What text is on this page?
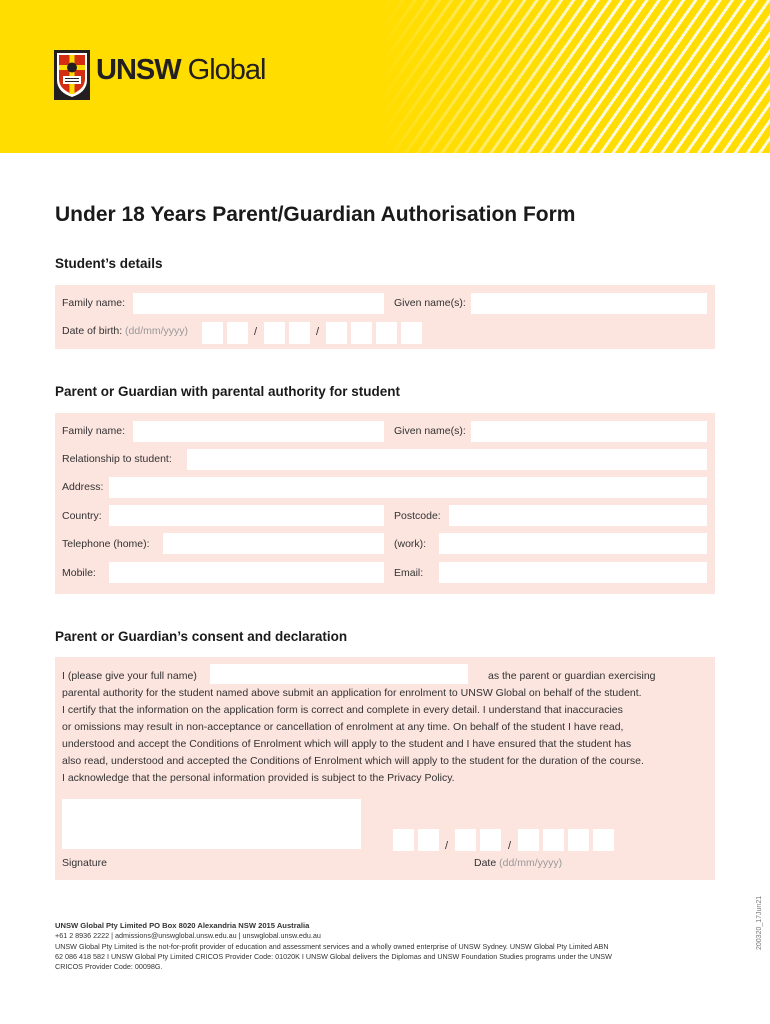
UNSW Global
Under 18 Years Parent/Guardian Authorisation Form
Student’s details
Family name:	Given name(s):
Date of birth: (dd/mm/yyyy)	/	/
Parent or Guardian with parental authority for student
Family name:	Given name(s):
Relationship to student:
Address:
Country:	Postcode:
Telephone (home):	(work):
Mobile:	Email:
Parent or Guardian’s consent and declaration
I (please give your full name)	as the parent or guardian exercising
parental authority for the student named above submit an application for enrolment to UNSW Global on behalf of the student.
I certify that the information on the application form is correct and complete in every detail. I understand that inaccuracies
or omissions may result in non-acceptance or cancellation of enrolment at any time. On behalf of the student I have read,
understood and accept the Conditions of Enrolment which will apply to the student and I have ensured that the student has
also read, understood and accepted the Conditions of Enrolment which will apply to the student for the duration of the course.
I acknowledge that the personal information provided is subject to the Privacy Policy.
Signature
/	/
Date (dd/mm/yyyy)
UNSW Global Pty Limited PO Box 8020 Alexandria NSW 2015 Australia
+61 2 8936 2222 | admissions@unswglobal.unsw.edu.au | unswglobal.unsw.edu.au
UNSW Global Pty Limited is the not-for-profit provider of education and assessment services and a wholly owned enterprise of UNSW Sydney. UNSW Global Pty Limited ABN
62 086 418 582 I UNSW Global Pty Limited CRICOS Provider Code: 01020K I UNSW Global delivers the Diplomas and UNSW Foundation Studies programs under the UNSW
CRICOS Provider Code: 00098G.
200320_17Jun21
